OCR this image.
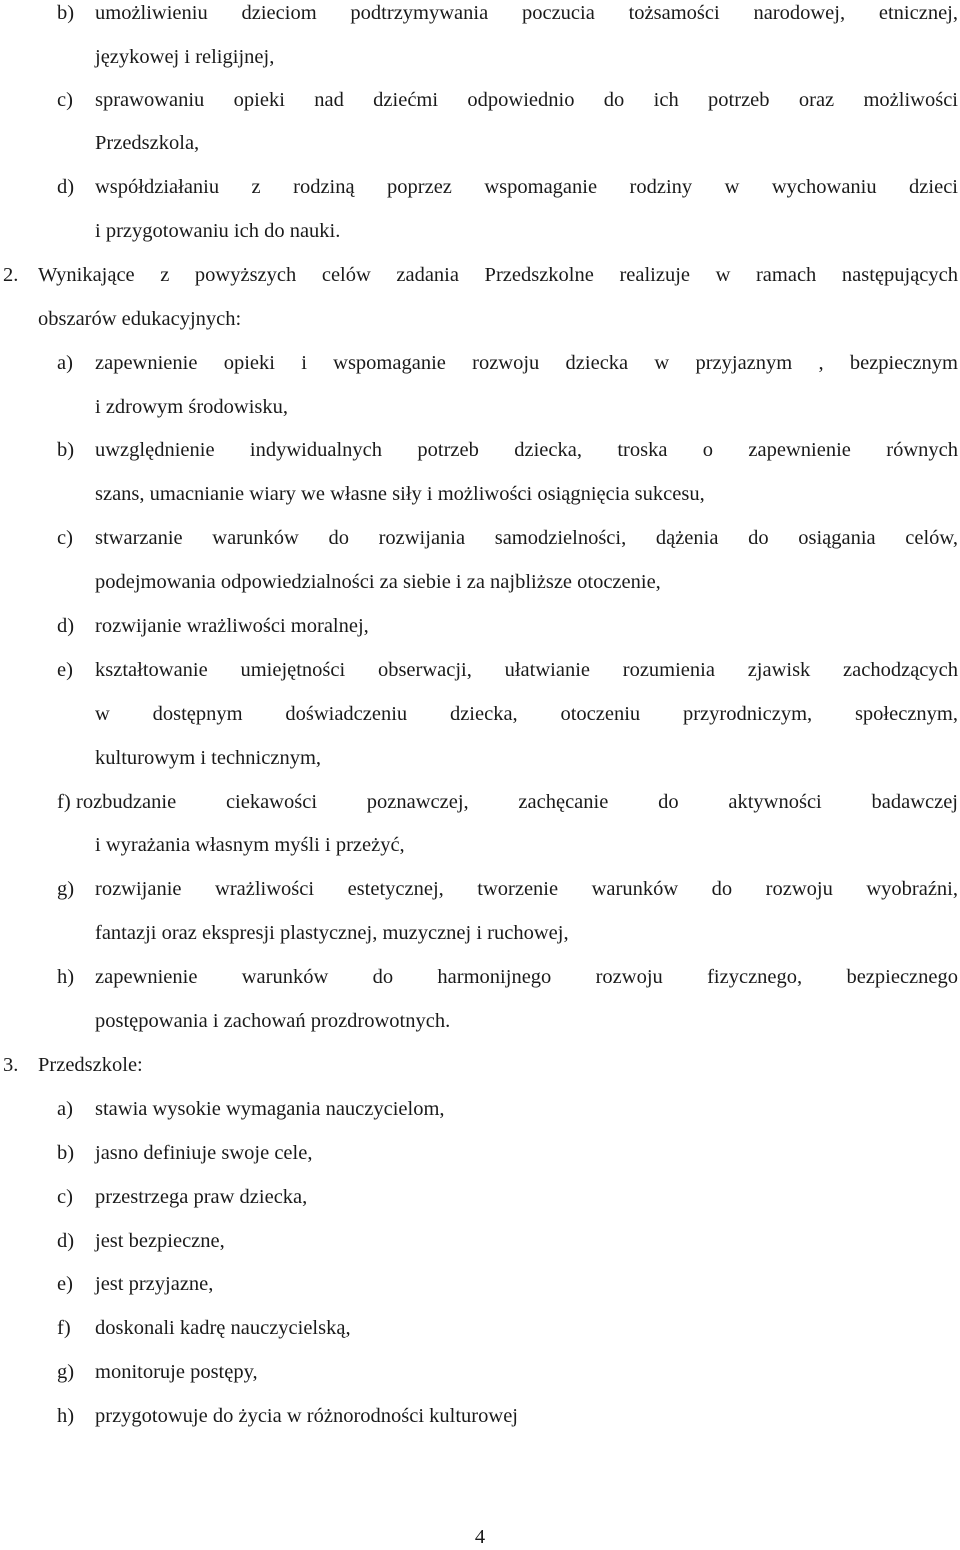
b) umożliwieniu dzieciom podtrzymywania poczucia tożsamości narodowej, etnicznej,
językowej i religijnej,
c) sprawowaniu opieki nad dziećmi odpowiednio do ich potrzeb oraz możliwości
Przedszkola,
d) współdziałaniu z rodziną poprzez wspomaganie rodziny w wychowaniu dzieci
i przygotowaniu ich do nauki.
2. Wynikające z powyższych celów zadania Przedszkolne realizuje w ramach następujących
obszarów edukacyjnych:
a) zapewnienie opieki i wspomaganie rozwoju dziecka w przyjaznym , bezpiecznym
i zdrowym środowisku,
b) uwzględnienie indywidualnych potrzeb dziecka, troska o zapewnienie równych
szans, umacnianie wiary we własne siły i możliwości osiągnięcia sukcesu,
c) stwarzanie warunków do rozwijania samodzielności, dążenia do osiągania celów,
podejmowania odpowiedzialności za siebie i za najbliższe otoczenie,
d) rozwijanie wrażliwości moralnej,
e) kształtowanie umiejętności obserwacji, ułatwianie rozumienia zjawisk zachodzących
w dostępnym doświadczeniu dziecka, otoczeniu przyrodniczym, społecznym,
kulturowym i technicznym,
f) rozbudzanie ciekawości poznawczej, zachęcanie do aktywności badawczej
i wyrażania własnym myśli i przeżyć,
g) rozwijanie wrażliwości estetycznej, tworzenie warunków do rozwoju wyobraźni,
fantazji oraz ekspresji plastycznej, muzycznej i ruchowej,
h) zapewnienie warunków do harmonijnego rozwoju fizycznego, bezpiecznego
postępowania i zachowań prozdrowotnych.
3. Przedszkole:
a) stawia wysokie wymagania nauczycielom,
b) jasno definiuje swoje cele,
c) przestrzega praw dziecka,
d) jest bezpieczne,
e) jest przyjazne,
f) doskonali kadrę nauczycielską,
g) monitoruje postępy,
h) przygotowuje do życia w różnorodności kulturowej
4
